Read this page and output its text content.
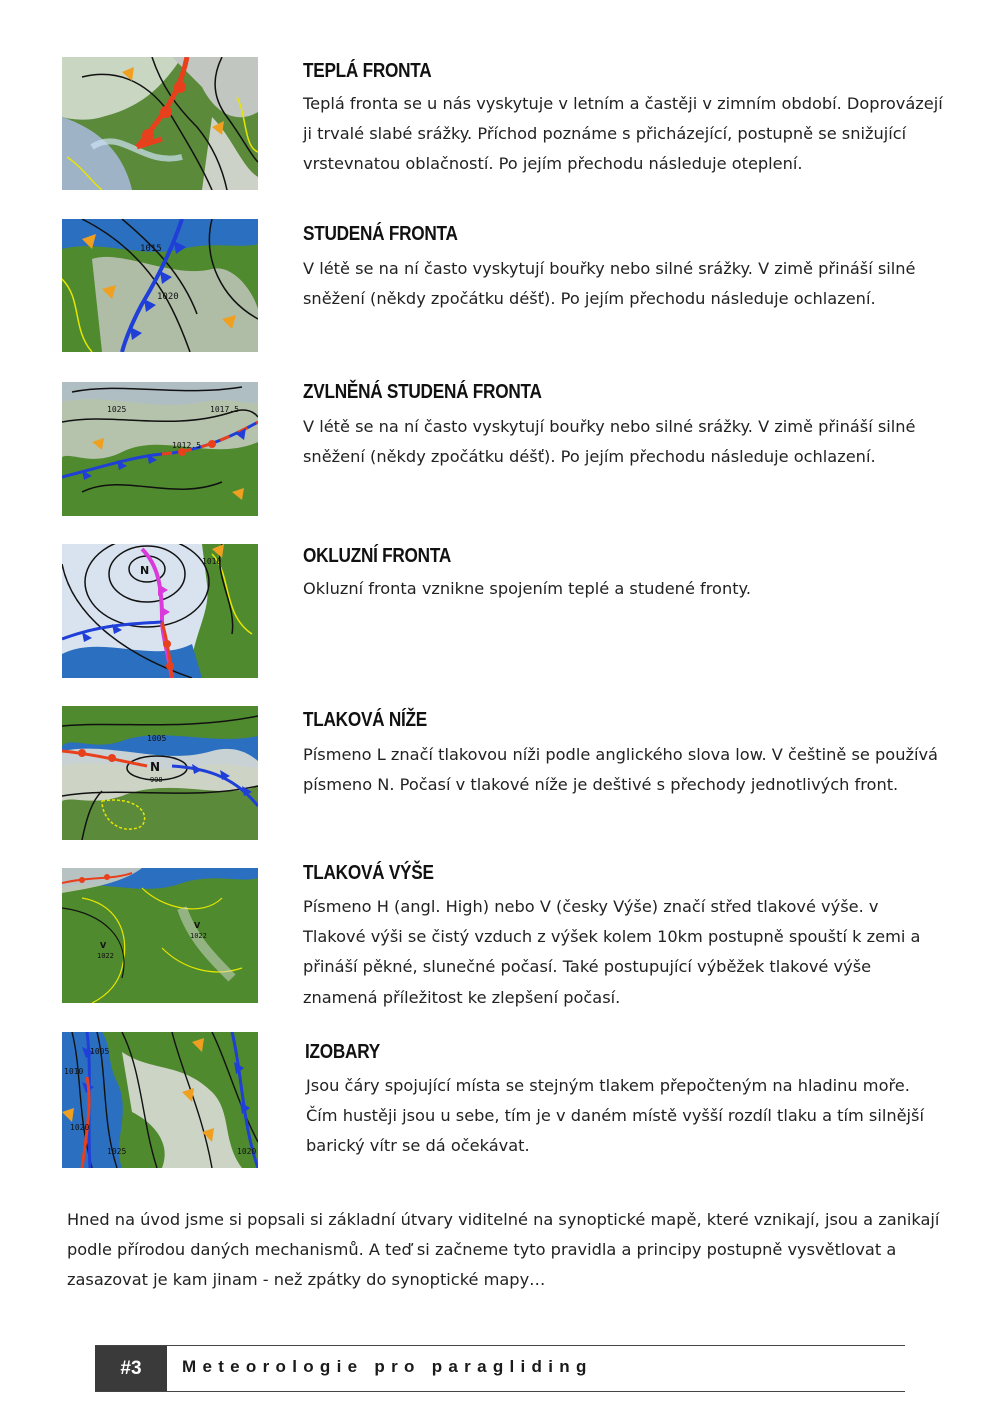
TEPLÁ FRONTA

Teplá fronta se u nás vyskytuje v letním a častěji v zimním období. Doprovázejí ji trvalé slabé srážky. Příchod poznáme s přicházející, postupně se snižující vrstevnatou oblačností. Po jejím přechodu následuje oteplení.

1015
1020
STUDENÁ FRONTA

V létě se na ní často vyskytují bouřky nebo silné srážky. V zimě přináší silné sněžení (někdy zpočátku déšť). Po jejím přechodu následuje ochlazení.

1025	1017.5
1012.5
ZVLNĚNÁ STUDENÁ FRONTA

V létě se na ní často vyskytují bouřky nebo silné srážky. V zimě přináší silné sněžení (někdy zpočátku déšť). Po jejím přechodu následuje ochlazení.

N
1010	OKLUZNÍ FRONTA

Okluzní fronta vznikne spojením teplé a studené fronty.

N
998
1005
TLAKOVÁ NÍŽE

Písmeno L značí tlakovou níži podle anglického slova low. V češtině se používá písmeno N. Počasí v tlakové níže je deštivé s přechody jednotlivých front.

V
1022
V
1022
TLAKOVÁ VÝŠE

Písmeno H (angl. High) nebo V (česky Výše) značí střed tlakové výše. v Tlakové výši se čistý vzduch z výšek kolem 10km postupně spouští k zemi a přináší pěkné, slunečné počasí. Také postupující výběžek tlakové výše znamená příležitost ke zlepšení počasí.

1005
1010
1020
1025	1020
IZOBARY

Jsou čáry spojující místa se stejným tlakem přepočteným na hladinu moře. Čím hustěji jsou u sebe, tím je v daném místě vyšší rozdíl tlaku a tím silnější barický vítr se dá očekávat.

Hned na úvod jsme si popsali si základní útvary viditelné na synoptické mapě, které vznikají, jsou a zanikají podle přírodou daných mechanismů. A teď si začneme tyto pravidla a principy postupně vysvětlovat a zasazovat je kam jinam - než zpátky do synoptické mapy…

#3	Meteorologie pro paragliding
